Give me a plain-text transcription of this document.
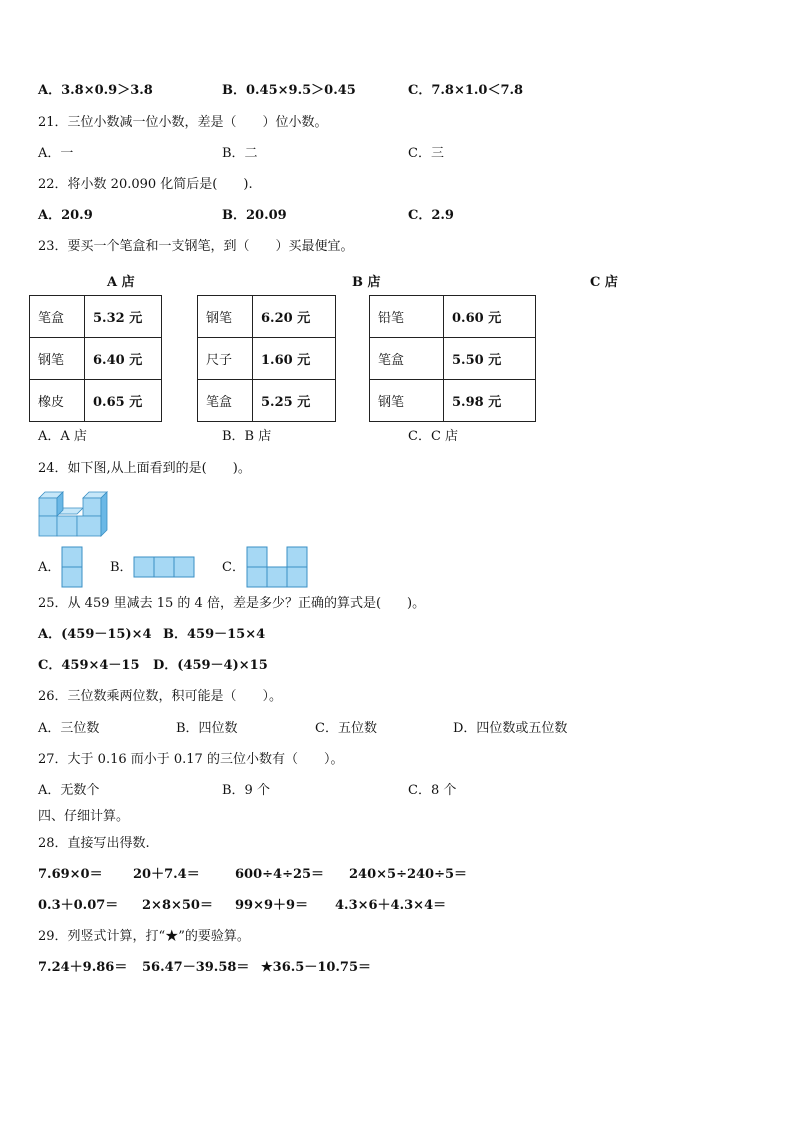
A．3.8×0.9＞3.8	B．0.45×9.5＞0.45	C．7.8×1.0＜7.8
21．三位小数减一位小数，差是（　　）位小数。
A．一	B．二	C．三
22．将小数 20.090 化简后是(　　).
A．20.9	B．20.09	C．2.9
23．要买一个笔盒和一支钢笔，到（　　）买最便宜。
A 店	B 店	C 店
笔盒	5.32 元
钢笔	6.40 元
橡皮	0.65 元
钢笔	6.20 元
尺子	1.60 元
笔盒	5.25 元
铅笔	0.60 元
笔盒	5.50 元
钢笔	5.98 元
A．A 店	B．B 店	C．C 店
24．如下图,从上面看到的是(　　)。
A．	B．	C．
25．从 459 里减去 15 的 4 倍，差是多少？正确的算式是(　　)。
A．(459－15)×4 B．459－15×4
C．459×4－15 D．(459－4)×15
26．三位数乘两位数，积可能是（　　）。
A．三位数	B．四位数	C．五位数	D．四位数或五位数
27．大于 0.16 而小于 0.17 的三位小数有（　　）。
A．无数个	B．9 个	C．8 个
四、仔细计算。
28．直接写出得数.
7.69×0＝ 20＋7.4＝	600÷4÷25＝ 240×5÷240÷5＝
0.3＋0.07＝ 2×8×50＝ 99×9＋9＝ 4.3×6＋4.3×4＝
29．列竖式计算，打“★”的要验算。
7.24＋9.86＝ 56.47－39.58＝ ★36.5－10.75＝
